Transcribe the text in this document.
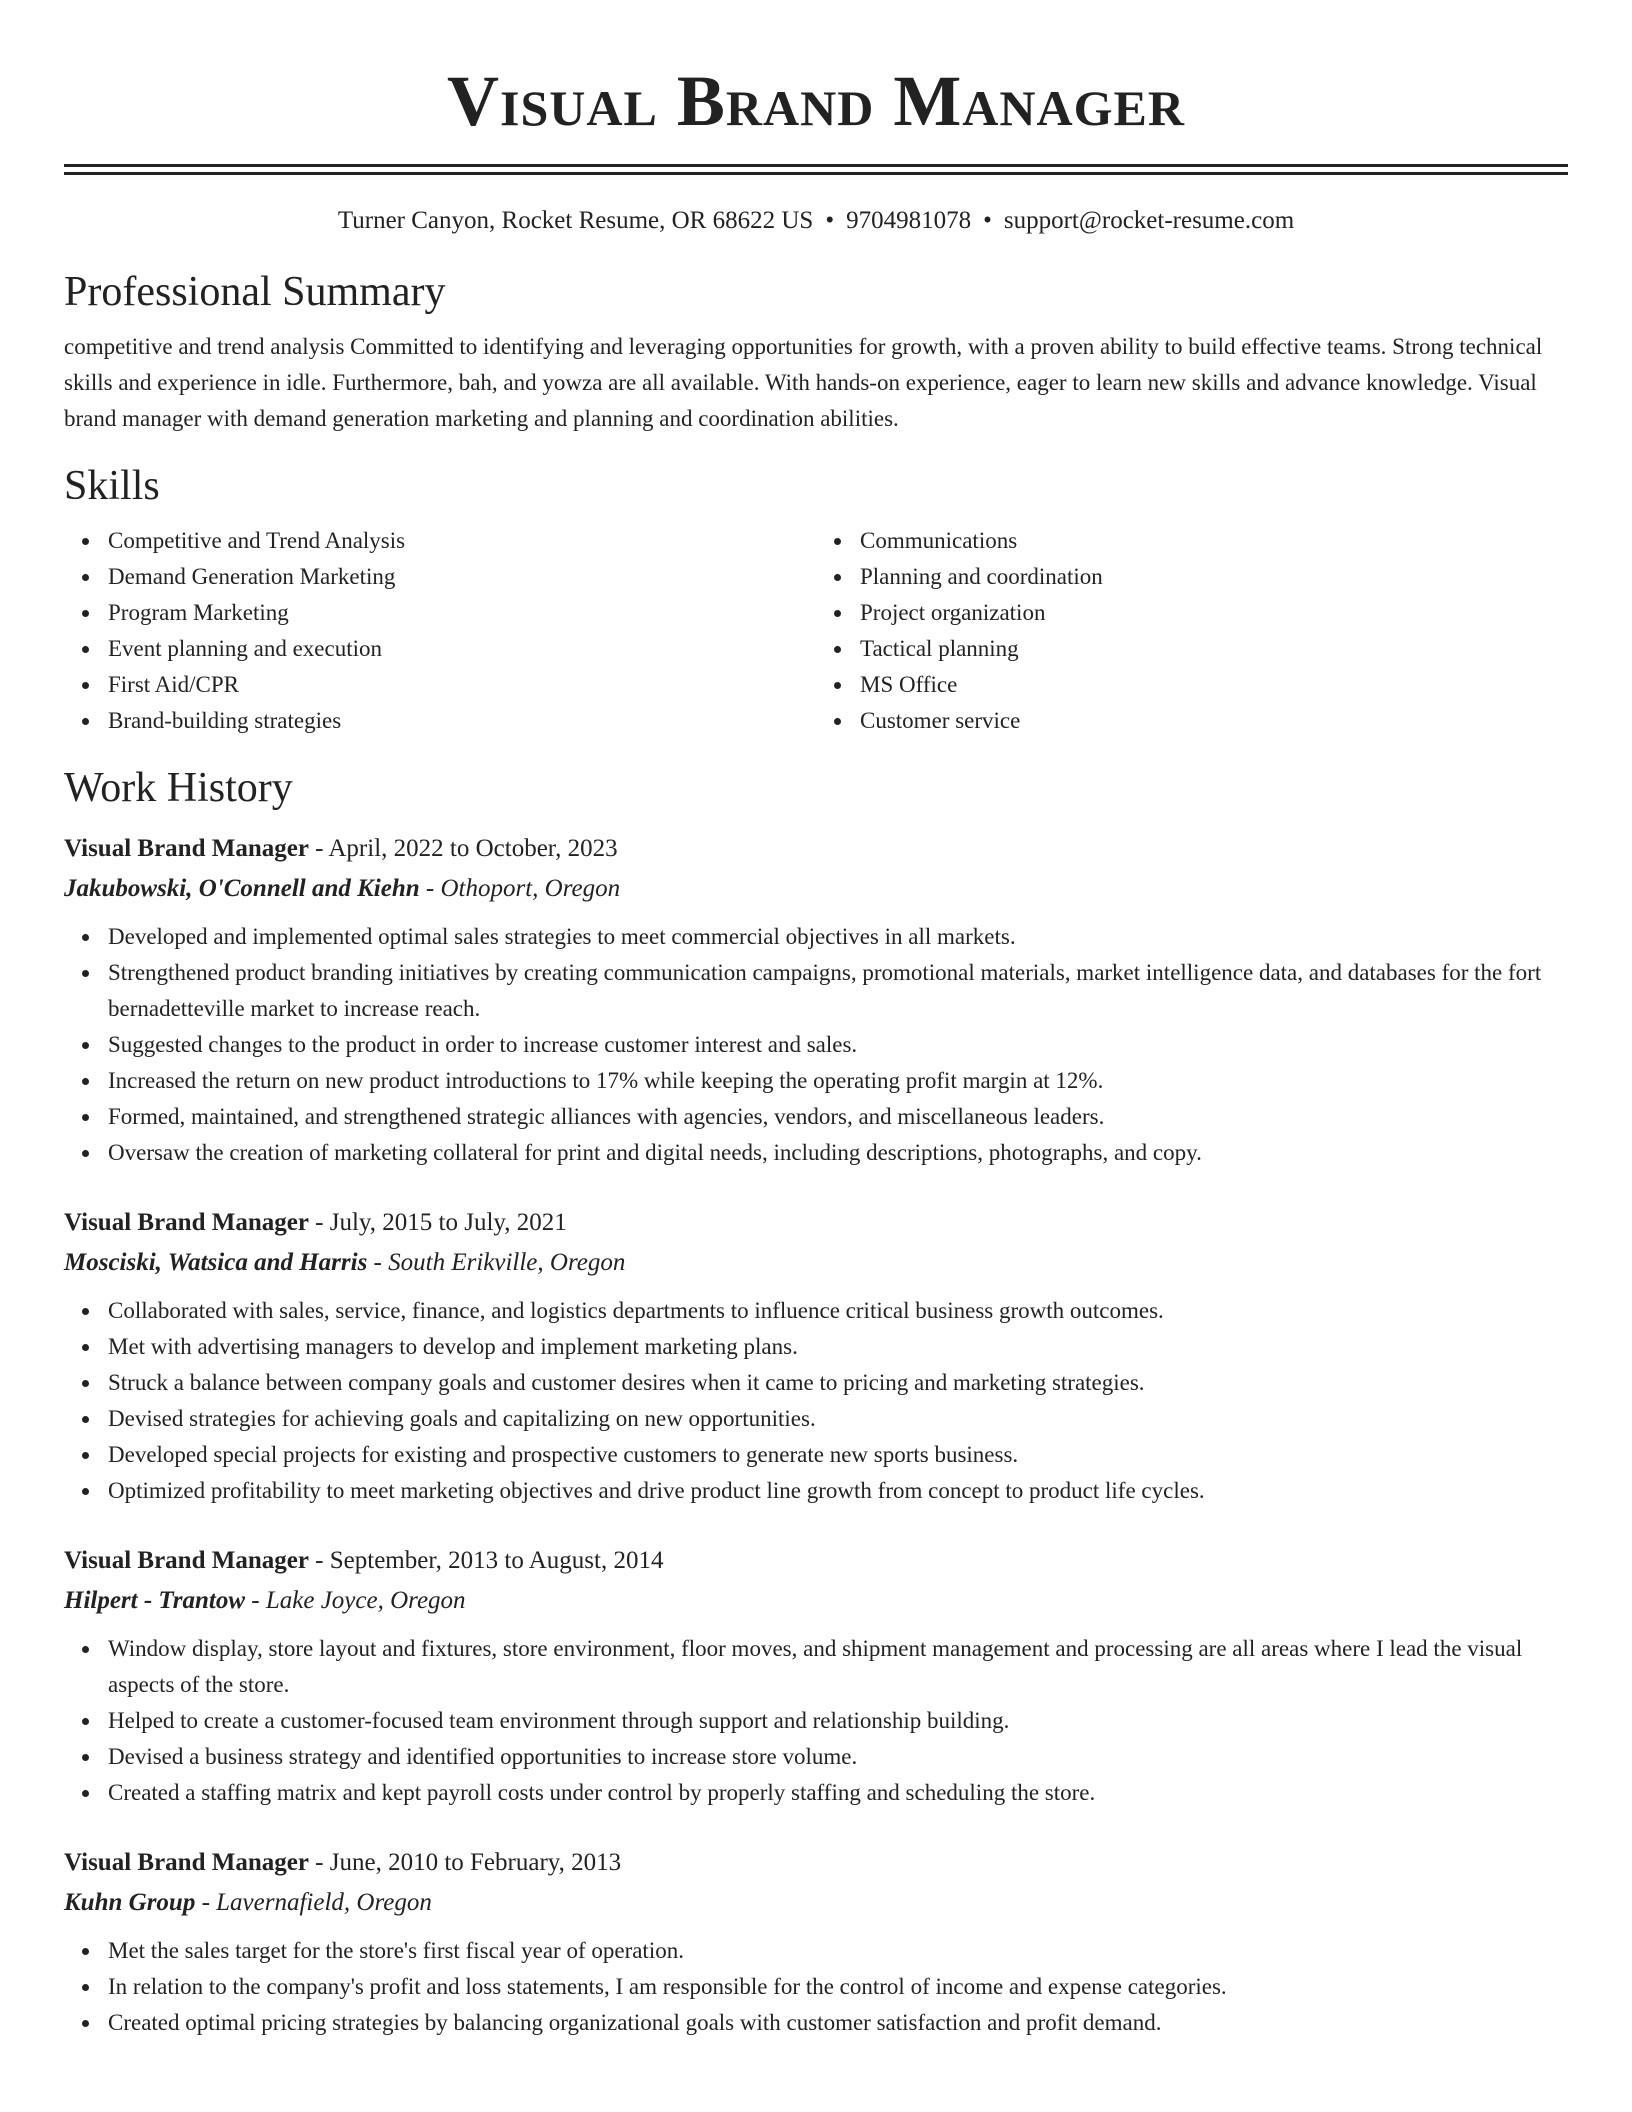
Visual Brand Manager
Turner Canyon, Rocket Resume, OR 68622 US • 9704981078 • support@rocket-resume.com
Professional Summary
competitive and trend analysis Committed to identifying and leveraging opportunities for growth, with a proven ability to build effective teams. Strong technical skills and experience in idle. Furthermore, bah, and yowza are all available. With hands-on experience, eager to learn new skills and advance knowledge. Visual brand manager with demand generation marketing and planning and coordination abilities.
Skills
Competitive and Trend Analysis
Demand Generation Marketing
Program Marketing
Event planning and execution
First Aid/CPR
Brand-building strategies
Communications
Planning and coordination
Project organization
Tactical planning
MS Office
Customer service
Work History
Visual Brand Manager - April, 2022 to October, 2023
Jakubowski, O'Connell and Kiehn - Othoport, Oregon
Developed and implemented optimal sales strategies to meet commercial objectives in all markets.
Strengthened product branding initiatives by creating communication campaigns, promotional materials, market intelligence data, and databases for the fort bernadetteville market to increase reach.
Suggested changes to the product in order to increase customer interest and sales.
Increased the return on new product introductions to 17% while keeping the operating profit margin at 12%.
Formed, maintained, and strengthened strategic alliances with agencies, vendors, and miscellaneous leaders.
Oversaw the creation of marketing collateral for print and digital needs, including descriptions, photographs, and copy.
Visual Brand Manager - July, 2015 to July, 2021
Mosciski, Watsica and Harris - South Erikville, Oregon
Collaborated with sales, service, finance, and logistics departments to influence critical business growth outcomes.
Met with advertising managers to develop and implement marketing plans.
Struck a balance between company goals and customer desires when it came to pricing and marketing strategies.
Devised strategies for achieving goals and capitalizing on new opportunities.
Developed special projects for existing and prospective customers to generate new sports business.
Optimized profitability to meet marketing objectives and drive product line growth from concept to product life cycles.
Visual Brand Manager - September, 2013 to August, 2014
Hilpert - Trantow - Lake Joyce, Oregon
Window display, store layout and fixtures, store environment, floor moves, and shipment management and processing are all areas where I lead the visual aspects of the store.
Helped to create a customer-focused team environment through support and relationship building.
Devised a business strategy and identified opportunities to increase store volume.
Created a staffing matrix and kept payroll costs under control by properly staffing and scheduling the store.
Visual Brand Manager - June, 2010 to February, 2013
Kuhn Group - Lavernafield, Oregon
Met the sales target for the store's first fiscal year of operation.
In relation to the company's profit and loss statements, I am responsible for the control of income and expense categories.
Created optimal pricing strategies by balancing organizational goals with customer satisfaction and profit demand.
